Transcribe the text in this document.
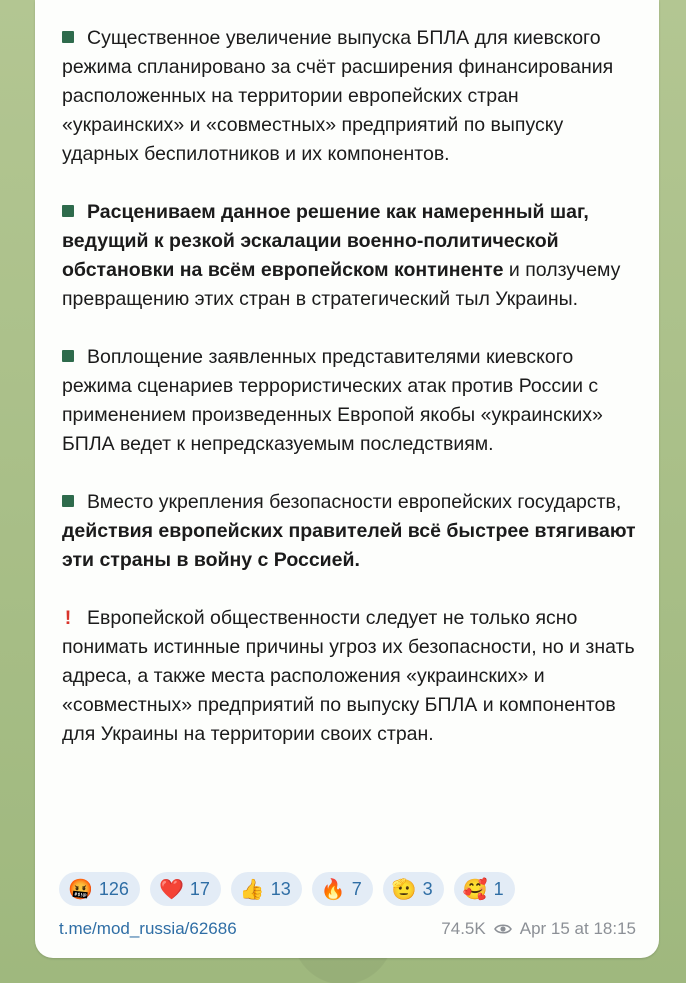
Существенное увеличение выпуска БПЛА для киевского режима спланировано за счёт расширения финансирования расположенных на территории европейских стран «украинских» и «совместных» предприятий по выпуску ударных беспилотников и их компонентов.

Расцениваем данное решение как намеренный шаг, ведущий к резкой эскалации военно-политической обстановки на всём европейском континенте и ползучему превращению этих стран в стратегический тыл Украины.

Воплощение заявленных представителями киевского режима сценариев террористических атак против России с применением произведенных Европой якобы «украинских» БПЛА ведет к непредсказуемым последствиям.

Вместо укрепления безопасности европейских государств, действия европейских правителей всё быстрее втягивают эти страны в войну с Россией.

! Европейской общественности следует не только ясно понимать истинные причины угроз их безопасности, но и знать адреса, а также места расположения «украинских» и «совместных» предприятий по выпуску БПЛА и компонентов для Украины на территории своих стран.

🤬 126 ❤️ 17 👍 13 🔥 7 🫡 3 🥰 1
t.me/mod_russia/62686	74.5K Apr 15 at 18:15
